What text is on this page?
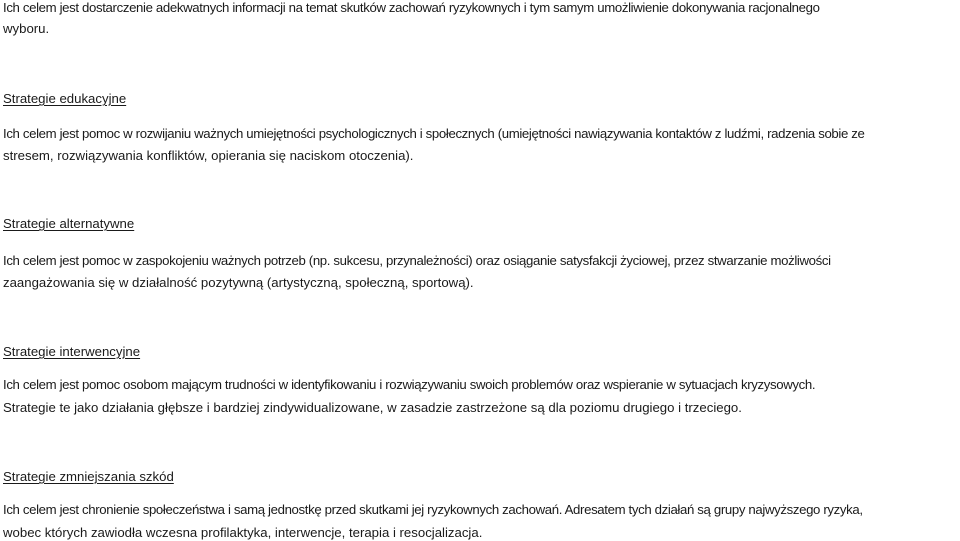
Ich celem jest dostarczenie adekwatnych informacji na temat skutków zachowań ryzykownych i tym samym umożliwienie dokonywania racjonalnego
wyboru.
Strategie edukacyjne
Ich celem jest pomoc w rozwijaniu ważnych umiejętności psychologicznych i społecznych (umiejętności nawiązywania kontaktów z ludźmi, radzenia sobie ze
stresem, rozwiązywania konfliktów, opierania się naciskom otoczenia).
Strategie alternatywne
Ich celem jest pomoc w zaspokojeniu ważnych potrzeb (np. sukcesu, przynależności) oraz osiąganie satysfakcji życiowej, przez stwarzanie możliwości
zaangażowania się w działalność pozytywną (artystyczną, społeczną, sportową).
Strategie interwencyjne
Ich celem jest pomoc osobom mającym trudności w identyfikowaniu i rozwiązywaniu swoich problemów oraz wspieranie w sytuacjach kryzysowych.
Strategie te jako działania głębsze i bardziej zindywidualizowane, w zasadzie zastrzeżone są dla poziomu drugiego i trzeciego.
Strategie zmniejszania szkód
Ich celem jest chronienie społeczeństwa i samą jednostkę przed skutkami jej ryzykownych zachowań. Adresatem tych działań są grupy najwyższego ryzyka,
wobec których zawiodła wczesna profilaktyka, interwencje, terapia i resocjalizacja.
